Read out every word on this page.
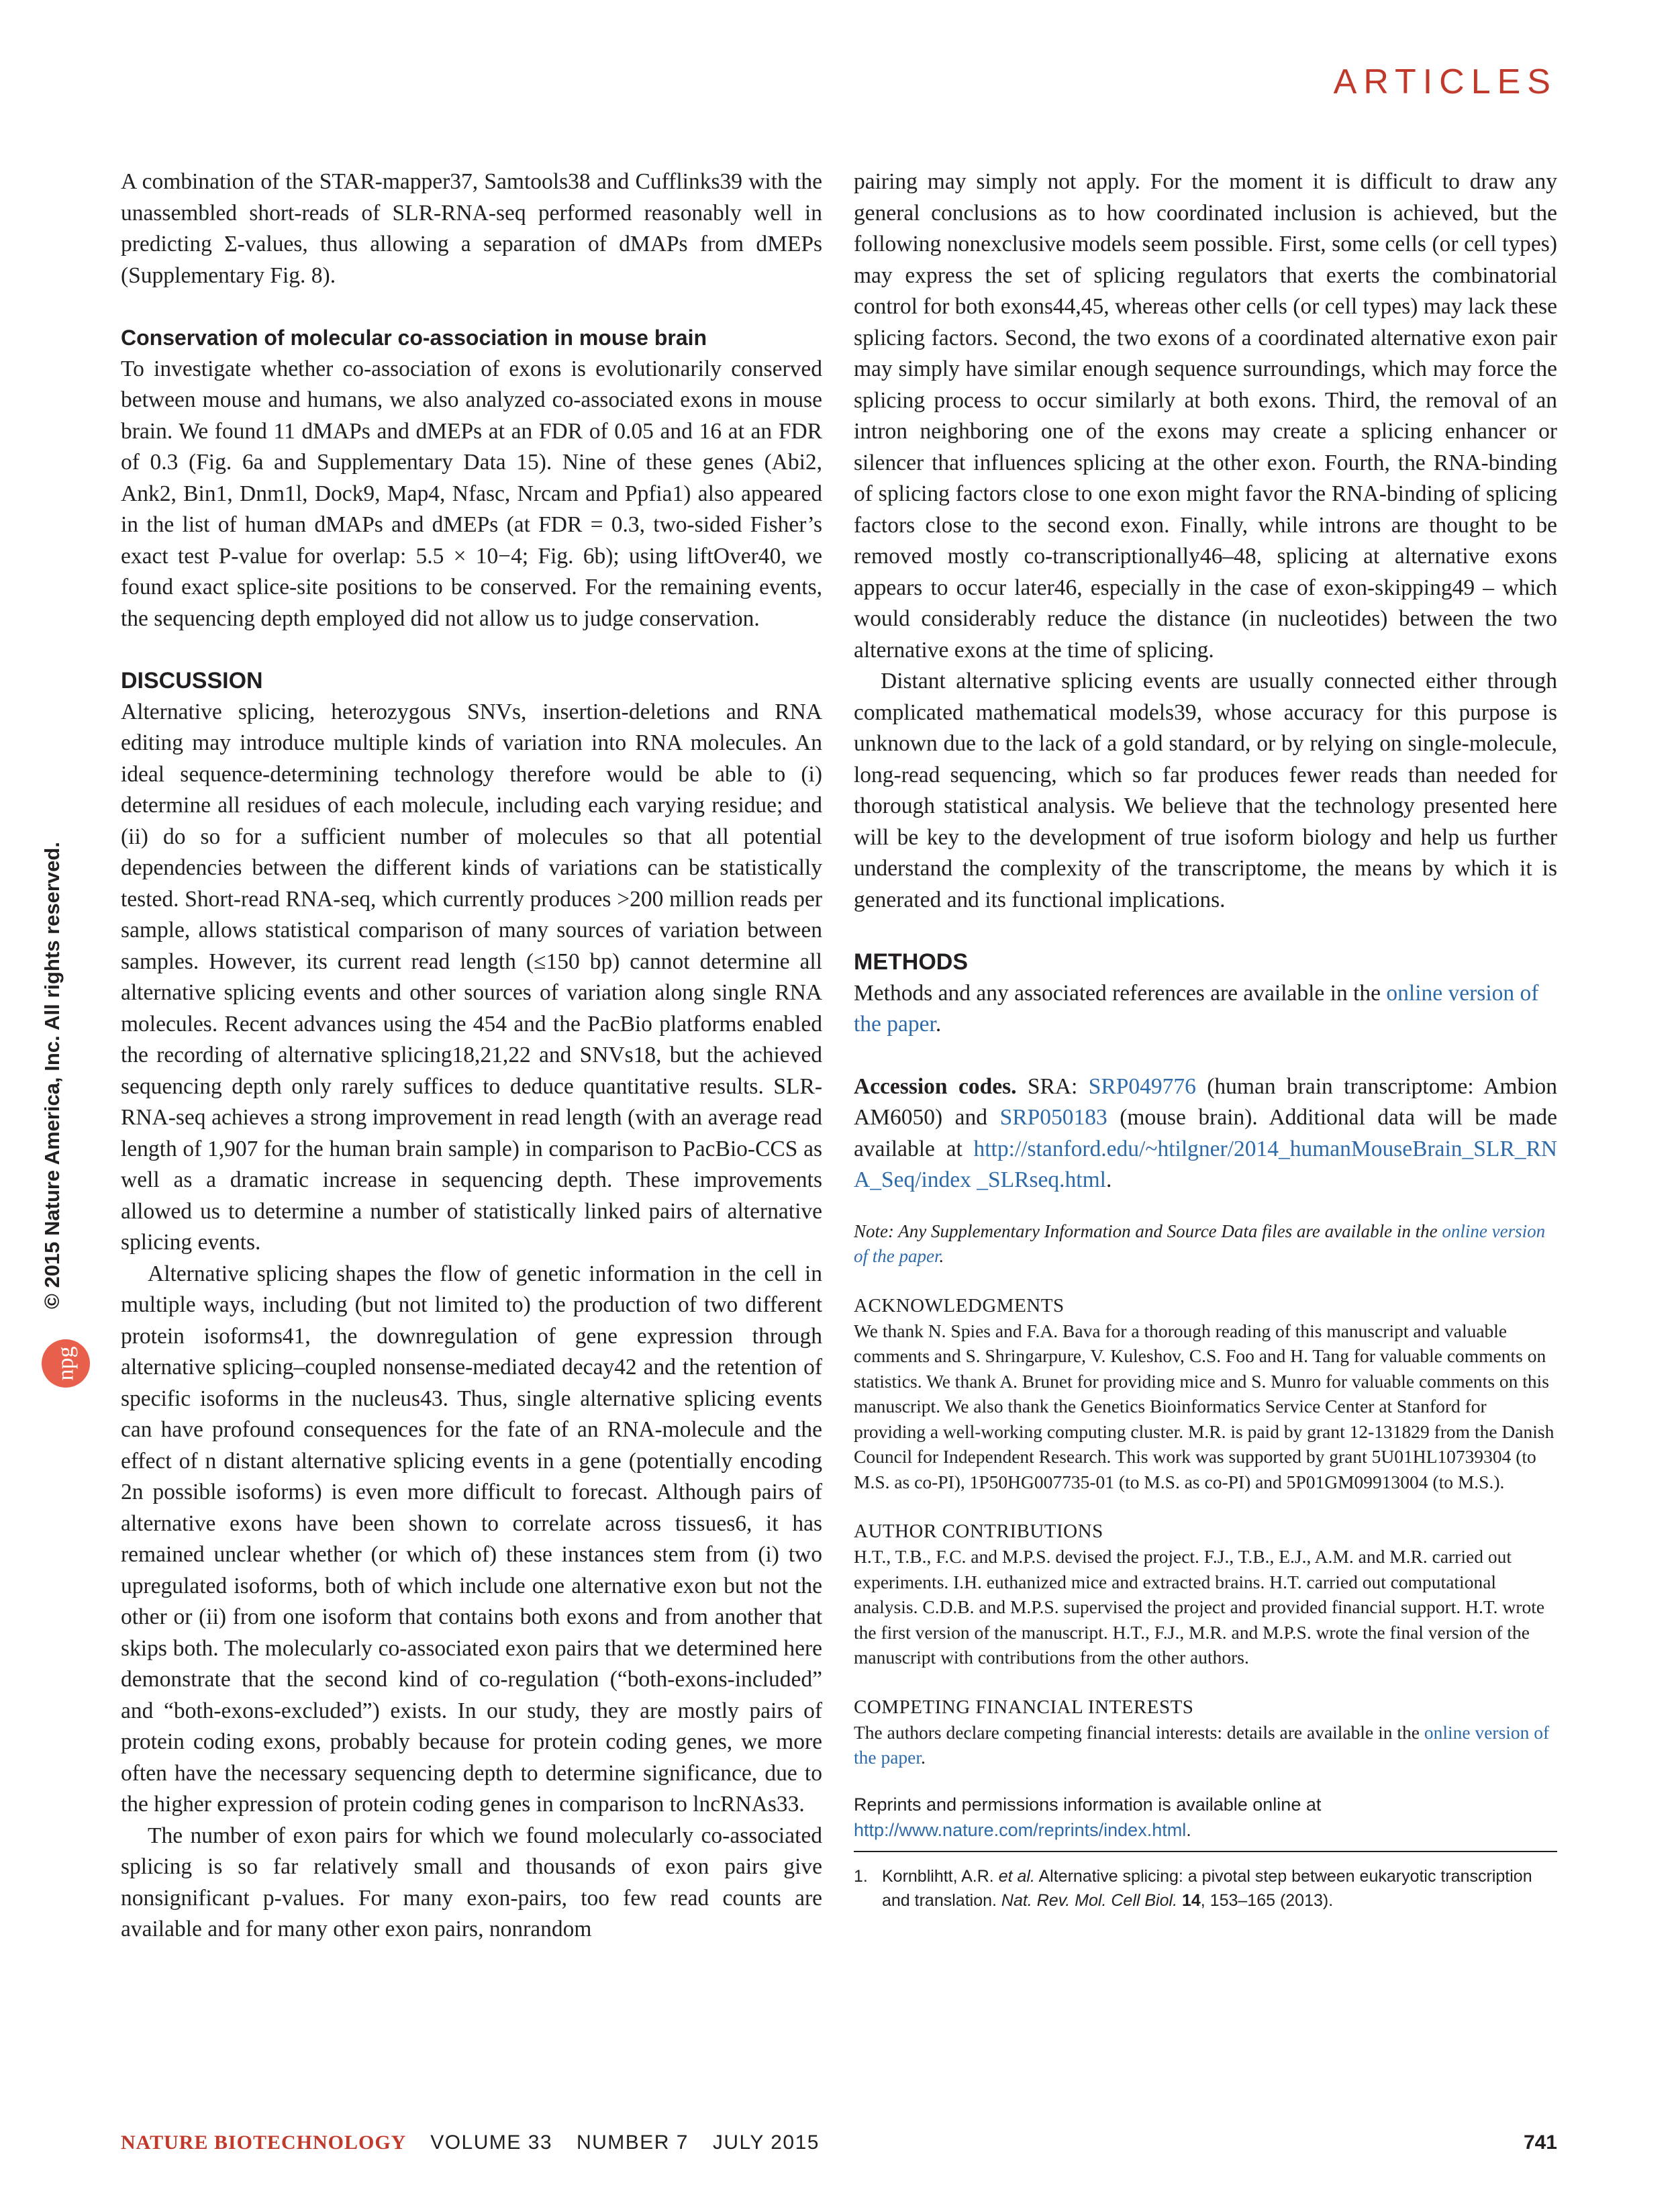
ARTICLES
© 2015 Nature America, Inc. All rights reserved.
npg

A combination of the STAR-mapper37, Samtools38 and Cufflinks39 with the unassembled short-reads of SLR-RNA-seq performed reasonably well in predicting Σ-values, thus allowing a separation of dMAPs from dMEPs (Supplementary Fig. 8).

Conservation of molecular co-association in mouse brain

To investigate whether co-association of exons is evolutionarily conserved between mouse and humans, we also analyzed co-associated exons in mouse brain. We found 11 dMAPs and dMEPs at an FDR of 0.05 and 16 at an FDR of 0.3 (Fig. 6a and Supplementary Data 15). Nine of these genes (Abi2, Ank2, Bin1, Dnm1l, Dock9, Map4, Nfasc, Nrcam and Ppfia1) also appeared in the list of human dMAPs and dMEPs (at FDR = 0.3, two-sided Fisher’s exact test P-value for overlap: 5.5 × 10−4; Fig. 6b); using liftOver40, we found exact splice-site positions to be conserved. For the remaining events, the sequencing depth employed did not allow us to judge conservation.

DISCUSSION

Alternative splicing, heterozygous SNVs, insertion-deletions and RNA editing may introduce multiple kinds of variation into RNA molecules. An ideal sequence-determining technology therefore would be able to (i) determine all residues of each molecule, including each varying residue; and (ii) do so for a sufficient number of molecules so that all potential dependencies between the different kinds of variations can be statistically tested. Short-read RNA-seq, which currently produces >200 million reads per sample, allows statistical comparison of many sources of variation between samples. However, its current read length (≤150 bp) cannot determine all alternative splicing events and other sources of variation along single RNA molecules. Recent advances using the 454 and the PacBio platforms enabled the recording of alternative splicing18,21,22 and SNVs18, but the achieved sequencing depth only rarely suffices to deduce quantitative results. SLR-RNA-seq achieves a strong improvement in read length (with an average read length of 1,907 for the human brain sample) in comparison to PacBio-CCS as well as a dramatic increase in sequencing depth. These improvements allowed us to determine a number of statistically linked pairs of alternative splicing events.

Alternative splicing shapes the flow of genetic information in the cell in multiple ways, including (but not limited to) the production of two different protein isoforms41, the downregulation of gene expression through alternative splicing–coupled nonsense-mediated decay42 and the retention of specific isoforms in the nucleus43. Thus, single alternative splicing events can have profound consequences for the fate of an RNA-molecule and the effect of n distant alternative splicing events in a gene (potentially encoding 2n possible isoforms) is even more difficult to forecast. Although pairs of alternative exons have been shown to correlate across tissues6, it has remained unclear whether (or which of) these instances stem from (i) two upregulated isoforms, both of which include one alternative exon but not the other or (ii) from one isoform that contains both exons and from another that skips both. The molecularly co-associated exon pairs that we determined here demonstrate that the second kind of co-regulation (“both-exons-included” and “both-exons-excluded”) exists. In our study, they are mostly pairs of protein coding exons, probably because for protein coding genes, we more often have the necessary sequencing depth to determine significance, due to the higher expression of protein coding genes in comparison to lncRNAs33.

The number of exon pairs for which we found molecularly co-associated splicing is so far relatively small and thousands of exon pairs give nonsignificant p-values. For many exon-pairs, too few read counts are available and for many other exon pairs, nonrandom

pairing may simply not apply. For the moment it is difficult to draw any general conclusions as to how coordinated inclusion is achieved, but the following nonexclusive models seem possible. First, some cells (or cell types) may express the set of splicing regulators that exerts the combinatorial control for both exons44,45, whereas other cells (or cell types) may lack these splicing factors. Second, the two exons of a coordinated alternative exon pair may simply have similar enough sequence surroundings, which may force the splicing process to occur similarly at both exons. Third, the removal of an intron neighboring one of the exons may create a splicing enhancer or silencer that influences splicing at the other exon. Fourth, the RNA-binding of splicing factors close to one exon might favor the RNA-binding of splicing factors close to the second exon. Finally, while introns are thought to be removed mostly co-transcriptionally46–48, splicing at alternative exons appears to occur later46, especially in the case of exon-skipping49 – which would considerably reduce the distance (in nucleotides) between the two alternative exons at the time of splicing.

Distant alternative splicing events are usually connected either through complicated mathematical models39, whose accuracy for this purpose is unknown due to the lack of a gold standard, or by relying on single-molecule, long-read sequencing, which so far produces fewer reads than needed for thorough statistical analysis. We believe that the technology presented here will be key to the development of true isoform biology and help us further understand the complexity of the transcriptome, the means by which it is generated and its functional implications.

METHODS

Methods and any associated references are available in the online version of the paper.

Accession codes. SRA: SRP049776 (human brain transcriptome: Ambion AM6050) and SRP050183 (mouse brain). Additional data will be made available at http://stanford.edu/~htilgner/2014_humanMouseBrain_SLR_RNA_Seq/index _SLRseq.html.

Note: Any Supplementary Information and Source Data files are available in the online version of the paper.

ACKNOWLEDGMENTS

We thank N. Spies and F.A. Bava for a thorough reading of this manuscript and valuable comments and S. Shringarpure, V. Kuleshov, C.S. Foo and H. Tang for valuable comments on statistics. We thank A. Brunet for providing mice and S. Munro for valuable comments on this manuscript. We also thank the Genetics Bioinformatics Service Center at Stanford for providing a well-working computing cluster. M.R. is paid by grant 12-131829 from the Danish Council for Independent Research. This work was supported by grant 5U01HL10739304 (to M.S. as co-PI), 1P50HG007735-01 (to M.S. as co-PI) and 5P01GM09913004 (to M.S.).

AUTHOR CONTRIBUTIONS

H.T., T.B., F.C. and M.P.S. devised the project. F.J., T.B., E.J., A.M. and M.R. carried out experiments. I.H. euthanized mice and extracted brains. H.T. carried out computational analysis. C.D.B. and M.P.S. supervised the project and provided financial support. H.T. wrote the first version of the manuscript. H.T., F.J., M.R. and M.P.S. wrote the final version of the manuscript with contributions from the other authors.

COMPETING FINANCIAL INTERESTS

The authors declare competing financial interests: details are available in the online version of the paper.

Reprints and permissions information is available online at http://www.nature.com/reprints/index.html.

1. Kornblihtt, A.R. et al. Alternative splicing: a pivotal step between eukaryotic transcription and translation. Nat. Rev. Mol. Cell Biol. 14, 153–165 (2013).
NATURE BIOTECHNOLOGY VOLUME 33 NUMBER 7 JULY 2015	741
